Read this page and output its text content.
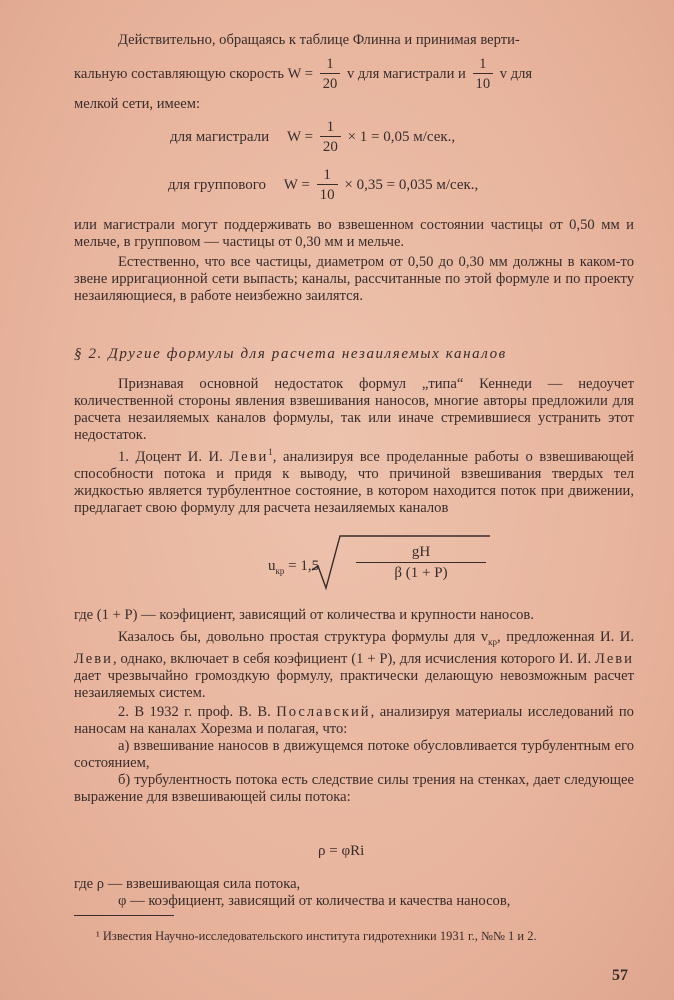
Действительно, обращаясь к таблице Флинна и принимая верти-

кальную составляющую скорость $W = \frac{1}{20}$ v для магистрали и $\frac{1}{10}$ v для

мелкой сети, имеем:

для магистрали $W = \frac{1}{20} \times 1 = 0,05$ м/сек.,
для группового $W = \frac{1}{10} \times 0,35 = 0,035$ м/сек.,

или магистрали могут поддерживать во взвешенном состоянии частицы от 0,50 мм и мельче, в групповом — частицы от 0,30 мм и мельче.

Естественно, что все частицы, диаметром от 0,50 до 0,30 мм должны в каком-то звене ирригационной сети выпасть; каналы, рассчитанные по этой формуле и по проекту незаиляющиеся, в работе неизбежно заилятся.

§ 2. Другие формулы для расчета незаиляемых каналов

Признавая основной недостаток формул „типа“ Кеннеди — недоучет количественной стороны явления взвешивания наносов, многие авторы предложили для расчета незаиляемых каналов формулы, так или иначе стремившиеся устранить этот недостаток.

1. Доцент И. И. Леви$^1$, анализируя все проделанные работы о взвешивающей способности потока и придя к выводу, что причиной взвешивания твердых тел жидкостью является турбулентное состояние, в котором находится поток при движении, предлагает свою формулу для расчета незаиляемых каналов

$u_{кр} = 1,5 \frac{gH}{\beta (1 + P)}$

где (1 + P) — коэфициент, зависящий от количества и крупности наносов.

Казалось бы, довольно простая структура формулы для $v_{кр}$, предложенная И. И. Леви, однако, включает в себя коэфициент (1 + P), для исчисления которого И. И. Леви дает чрезвычайно громоздкую формулу, практически делающую невозможным расчет незаиляемых систем.

2. В 1932 г. проф. В. В. Пославский, анализируя материалы исследований по наносам на каналах Хорезма и полагая, что:

а) взвешивание наносов в движущемся потоке обусловливается турбулентным его состоянием,

б) турбулентность потока есть следствие силы трения на стенках, дает следующее выражение для взвешивающей силы потока:

ρ = φRi

где ρ — взвешивающая сила потока,

φ — коэфициент, зависящий от количества и качества наносов,

¹ Известия Научно-исследовательского института гидротехники 1931 г., №№ 1 и 2.
57
